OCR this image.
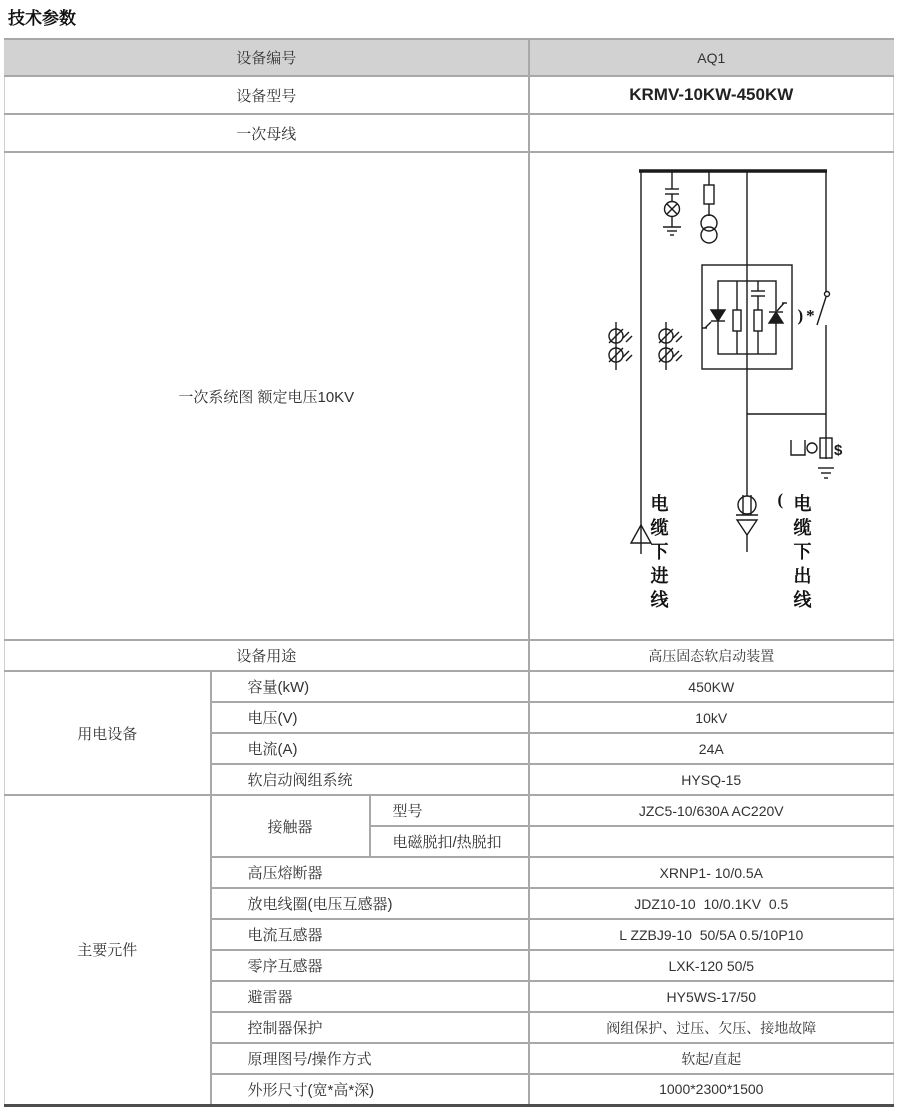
技术参数
设备编号			AQ1
设备型号			KRMV-10KW-450KW
一次母线			
一次系统图 额定电压10KV			$
电缆下进线 ( 电缆下出线
)*

设备用途			高压固态软启动装置
用电设备	容量(kW)		450KW
	电压(V)		10kV
	电流(A)		24A
	软启动阀组系统		HYSQ-15
主要元件	接触器	型号	JZC5-10/630A AC220V
		电磁脱扣/热脱扣	
	高压熔断器		XRNP1- 10/0.5A
	放电线圈(电压互感器)		JDZ10-10  10/0.1KV  0.5
	电流互感器		L ZZBJ9-10  50/5A 0.5/10P10
	零序互感器		LXK-120 50/5
	避雷器		HY5WS-17/50
	控制器保护		阀组保护、过压、欠压、接地故障
	原理图号/操作方式		软起/直起
	外形尺寸(宽*高*深)		1000*2300*1500
